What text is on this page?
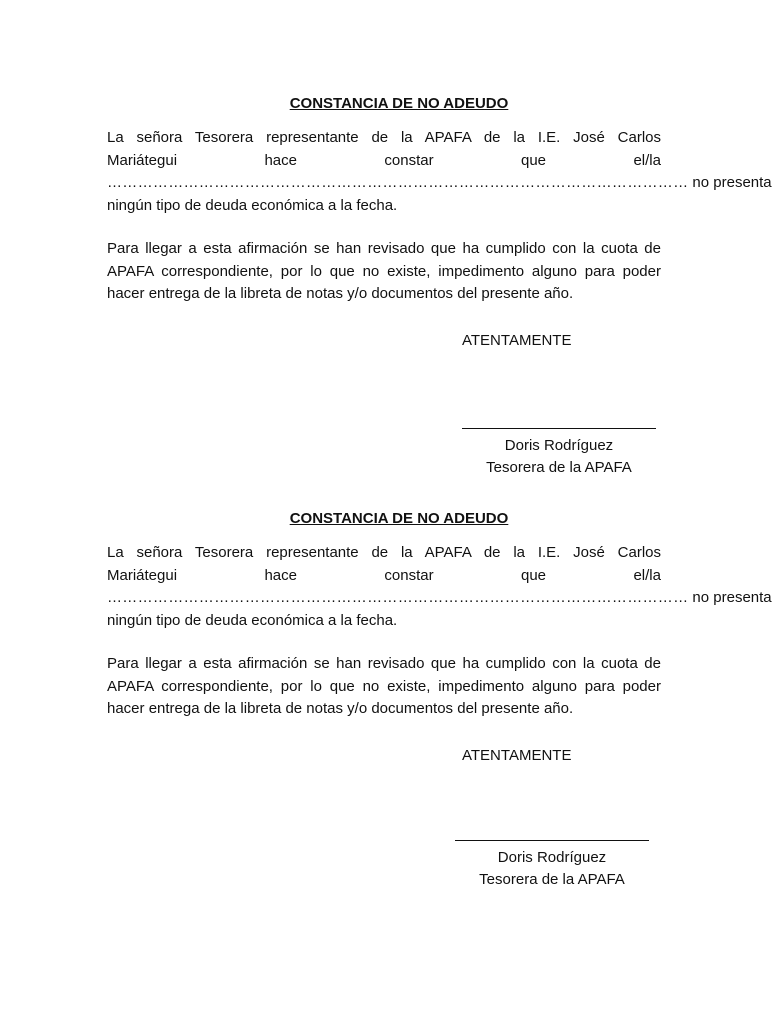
CONSTANCIA DE NO ADEUDO
La señora Tesorera representante de la APAFA de la I.E. José Carlos
Mariátegui	hace	constar	que	el/la
…………………………………………………………………………………………………… no presenta
ningún tipo de deuda económica a la fecha.

Para llegar a esta afirmación se han revisado que ha cumplido con la cuota de APAFA correspondiente, por lo que no existe, impedimento alguno para poder hacer entrega de la libreta de notas y/o documentos del presente año.

ATENTAMENTE
Doris Rodríguez
Tesorera de la APAFA
CONSTANCIA DE NO ADEUDO
La señora Tesorera representante de la APAFA de la I.E. José Carlos
Mariátegui	hace	constar	que	el/la
…………………………………………………………………………………………………… no presenta
ningún tipo de deuda económica a la fecha.

Para llegar a esta afirmación se han revisado que ha cumplido con la cuota de APAFA correspondiente, por lo que no existe, impedimento alguno para poder hacer entrega de la libreta de notas y/o documentos del presente año.

ATENTAMENTE
Doris Rodríguez
Tesorera de la APAFA
